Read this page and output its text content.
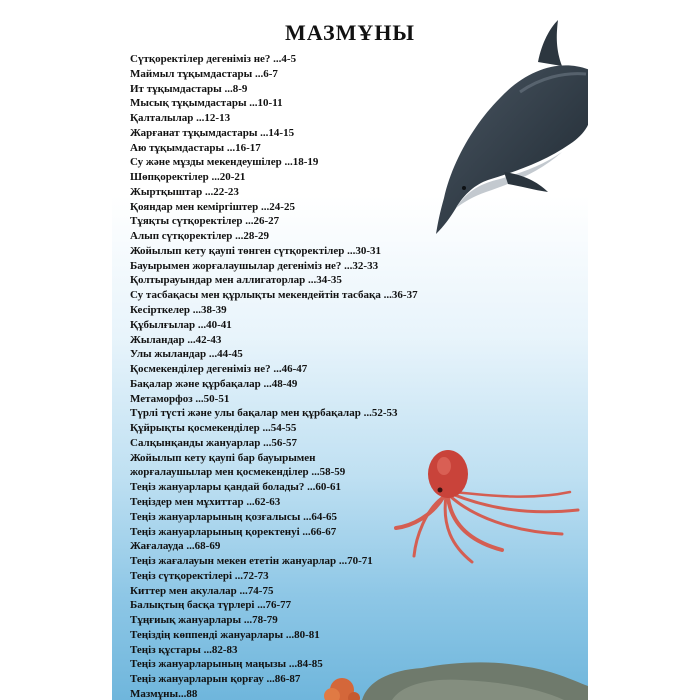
МАЗМҰНЫ
Сүтқоректілер дегеніміз не? ...4-5
Маймыл тұқымдастары ...6-7
Ит тұқымдастары ...8-9
Мысық тұқымдастары ...10-11
Қалталылар ...12-13
Жарғанат тұқымдастары ...14-15
Аю тұқымдастары ...16-17
Су және мұзды мекендеушілер ...18-19
Шөпқоректілер ...20-21
Жыртқыштар ...22-23
Қояндар мен кеміргіштер ...24-25
Тұяқты сүтқоректілер ...26-27
Алып сүтқоректілер ...28-29
Жойылып кету қаупі төнген сүтқоректілер ...30-31
Бауырымен жорғалаушылар дегеніміз не? ...32-33
Қолтырауындар мен аллигаторлар ...34-35
Су тасбақасы мен құрлықты мекендейтін тасбақа ...36-37
Кесірткелер ...38-39
Құбылғылар ...40-41
Жыландар ...42-43
Улы жыландар ...44-45
Қосмекенділер дегеніміз не? ...46-47
Бақалар және құрбақалар ...48-49
Метаморфоз ...50-51
Түрлі түсті және улы бақалар мен құрбақалар ...52-53
Құйрықты қосмекенділер ...54-55
Салқынқанды жануарлар ...56-57
Жойылып кету қаупі бар бауырымен
жорғалаушылар мен қосмекенділер ...58-59
Теңіз жануарлары қандай болады? ...60-61
Теңіздер мен мұхиттар ...62-63
Теңіз жануарларының қозғалысы ...64-65
Теңіз жануарларының қоректенуі ...66-67
Жағалауда ...68-69
Теңіз жағалауын мекен ететін жануарлар ...70-71
Теңіз сүтқоректілері ...72-73
Киттер мен акулалар ...74-75
Балықтың басқа түрлері ...76-77
Тұңғиық жануарлары ...78-79
Теңіздің көппенді жануарлары ...80-81
Теңіз құстары ...82-83
Теңіз жануарларының маңызы ...84-85
Теңіз жануарларын қорғау ...86-87
Мазмұны...88
